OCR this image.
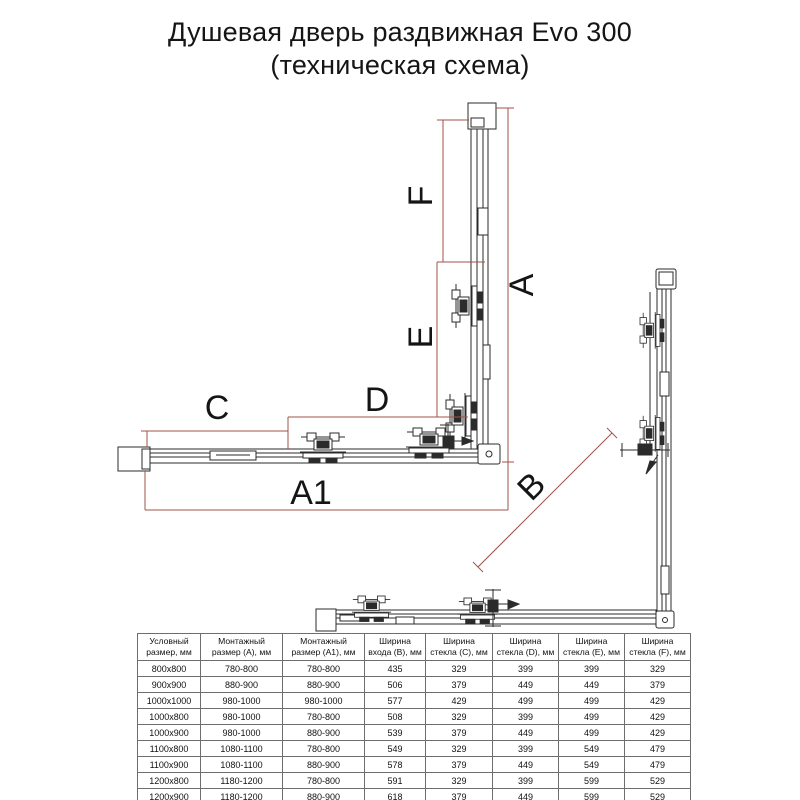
Душевая дверь раздвижная Evo 300
(техническая схема)
A
F
E
D
C
A1	B
Условный
размер, мм

Монтажный
размер (А), мм

Монтажный
размер (А1), мм

Ширина
входа (В), мм

Ширина
стекла (С), мм

Ширина
стекла (D), мм

Ширина
стекла (E), мм

Ширина
стекла (F), мм

800x800	780-800	780-800	435	329	399	399	329
900x900	880-900	880-900	506	379	449	449	379
1000x1000	980-1000	980-1000	577	429	499	499	429
1000x800	980-1000	780-800	508	329	399	499	429
1000x900	980-1000	880-900	539	379	449	499	429
1100x800	1080-1100	780-800	549	329	399	549	479
1100x900	1080-1100	880-900	578	379	449	549	479
1200x800	1180-1200	780-800	591	329	399	599	529
1200x900	1180-1200	880-900	618	379	449	599	529
